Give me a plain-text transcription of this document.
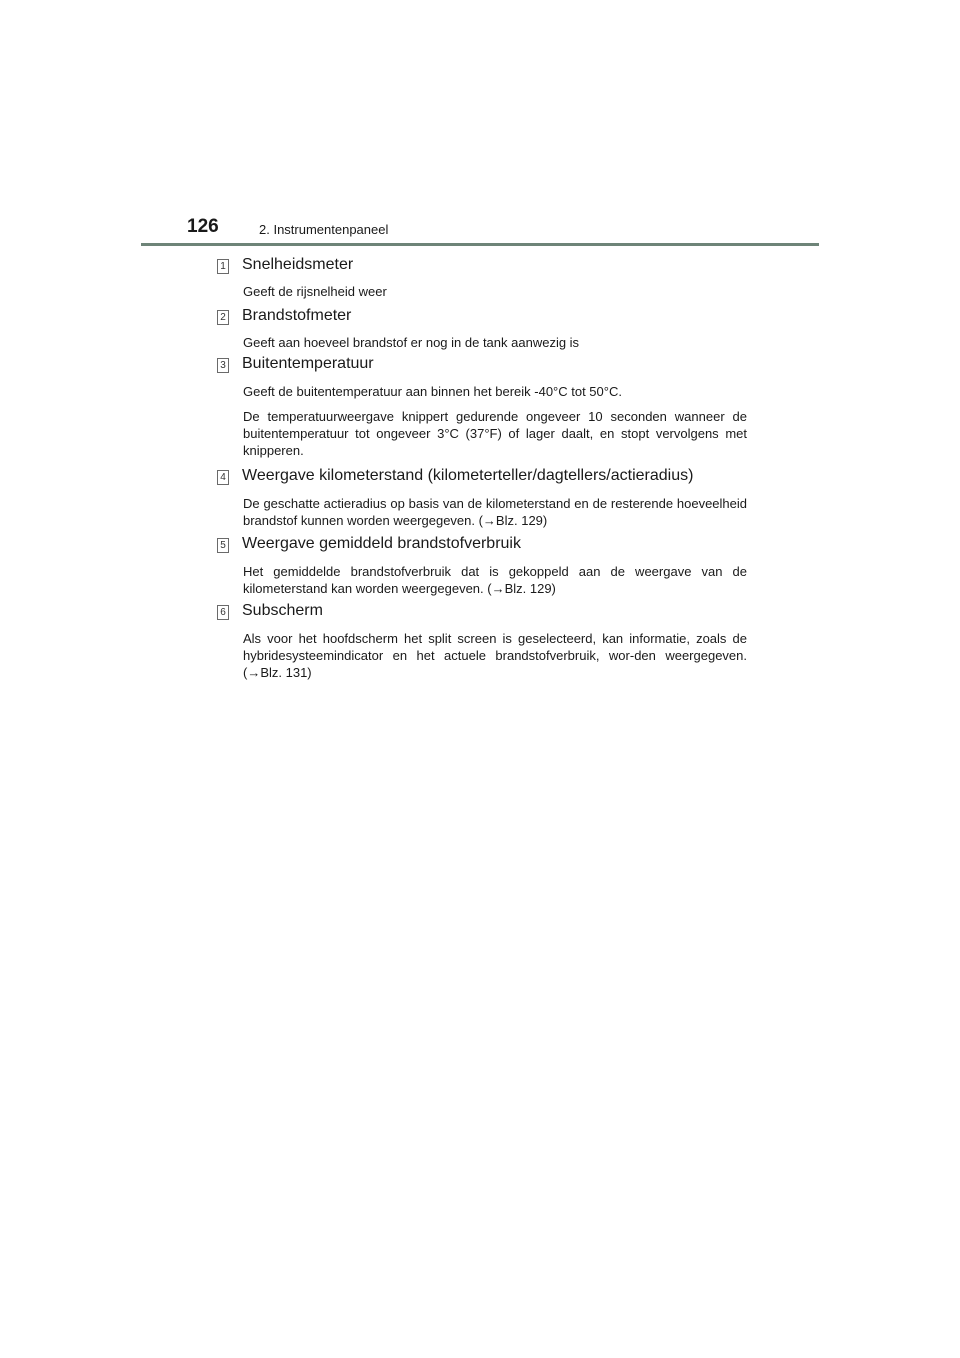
126	2. Instrumentenpaneel
1 Snelheidsmeter

Geeft de rijsnelheid weer

2 Brandstofmeter

Geeft aan hoeveel brandstof er nog in de tank aanwezig is

3 Buitentemperatuur

Geeft de buitentemperatuur aan binnen het bereik -40°C tot 50°C.

De temperatuurweergave knippert gedurende ongeveer 10 seconden wanneer de buitentemperatuur tot ongeveer 3°C (37°F) of lager daalt, en stopt vervolgens met knipperen.

4 Weergave kilometerstand (kilometerteller/dagtellers/actieradius)

De geschatte actieradius op basis van de kilometerstand en de resterende hoeveelheid brandstof kunnen worden weergegeven. (→Blz. 129)

5 Weergave gemiddeld brandstofverbruik

Het gemiddelde brandstofverbruik dat is gekoppeld aan de weergave van de kilometerstand kan worden weergegeven. (→Blz. 129)

6 Subscherm

Als voor het hoofdscherm het split screen is geselecteerd, kan informatie, zoals de hybridesysteemindicator en het actuele brandstofverbruik, wor-den weergegeven. (→Blz. 131)
